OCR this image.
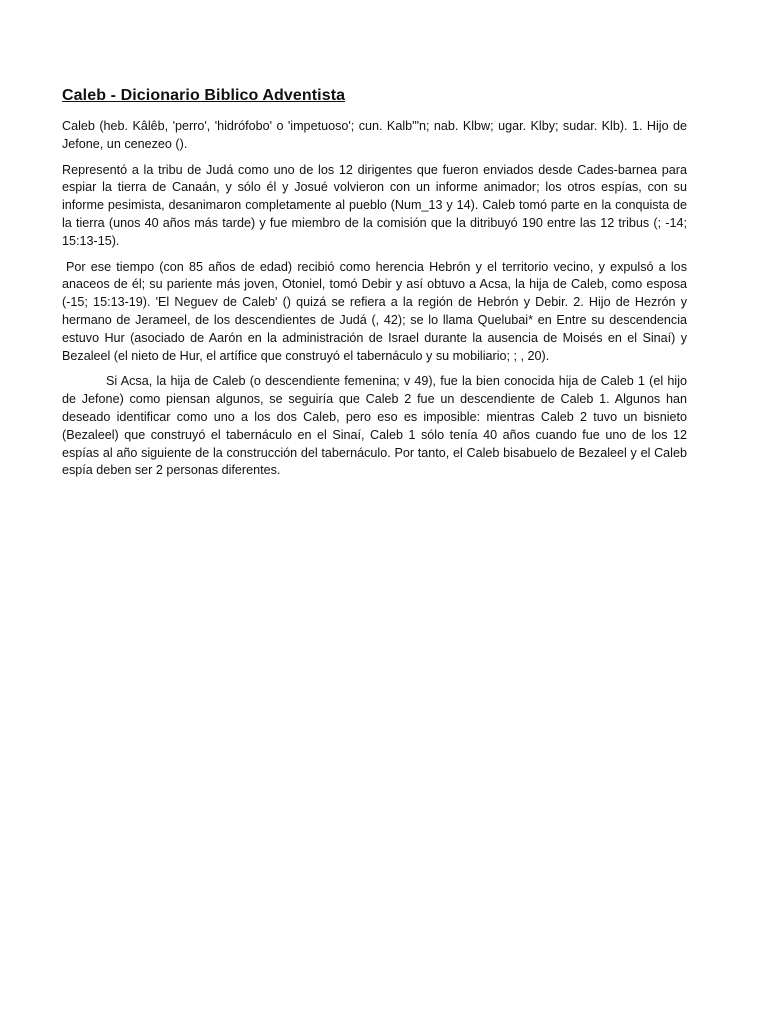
Caleb - Dicionario Biblico Adventista

Caleb (heb. Kâlêb, 'perro', 'hidrófobo' o 'impetuoso'; cun. Kalb'"n; nab. Klbw; ugar. Klby; sudar. Klb). 1. Hijo de Jefone, un cenezeo ().

Representó a la tribu de Judá como uno de los 12 dirigentes que fueron enviados desde Cades-barnea para espiar la tierra de Canaán, y sólo él y Josué volvieron con un informe animador; los otros espías, con su informe pesimista, desanimaron completamente al pueblo (Num_13 y 14). Caleb tomó parte en la conquista de la tierra (unos 40 años más tarde) y fue miembro de la comisión que la ditribuyó 190 entre las 12 tribus (; -14; 15:13-15).

Por ese tiempo (con 85 años de edad) recibió como herencia Hebrón y el territorio vecino, y expulsó a los anaceos de él; su pariente más joven, Otoniel, tomó Debir y así obtuvo a Acsa, la hija de Caleb, como esposa (-15; 15:13-19). 'El Neguev de Caleb' () quizá se refiera a la región de Hebrón y Debir. 2. Hijo de Hezrón y hermano de Jerameel, de los descendientes de Judá (, 42); se lo llama Quelubai* en Entre su descendencia estuvo Hur (asociado de Aarón en la administración de Israel durante la ausencia de Moisés en el Sinaí) y Bezaleel (el nieto de Hur, el artífice que construyó el tabernáculo y su mobiliario; ; , 20).

Si Acsa, la hija de Caleb (o descendiente femenina; v 49), fue la bien conocida hija de Caleb 1 (el hijo de Jefone) como piensan algunos, se seguiría que Caleb 2 fue un descendiente de Caleb 1. Algunos han deseado identificar como uno a los dos Caleb, pero eso es imposible: mientras Caleb 2 tuvo un bisnieto (Bezaleel) que construyó el tabernáculo en el Sinaí, Caleb 1 sólo tenía 40 años cuando fue uno de los 12 espías al año siguiente de la construcción del tabernáculo. Por tanto, el Caleb bisabuelo de Bezaleel y el Caleb espía deben ser 2 personas diferentes.
